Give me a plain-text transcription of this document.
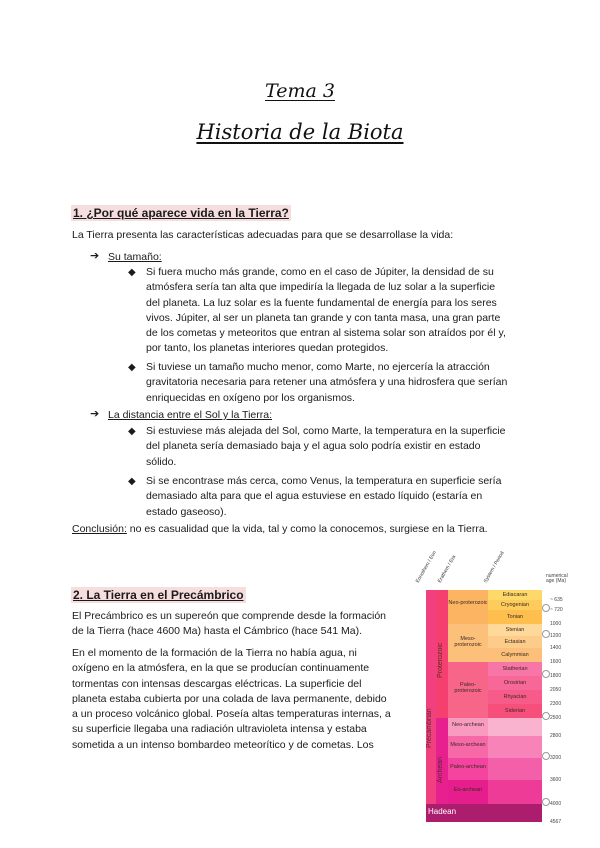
Tema 3
Historia de la Biota
1. ¿Por qué aparece vida en la Tierra?
La Tierra presenta las características adecuadas para que se desarrollase la vida:
➔ Su tamaño:
◆ Si fuera mucho más grande, como en el caso de Júpiter, la densidad de su
atmósfera sería tan alta que impediría la llegada de luz solar a la superficie
del planeta. La luz solar es la fuente fundamental de energía para los seres
vivos. Júpiter, al ser un planeta tan grande y con tanta masa, una gran parte
de los cometas y meteoritos que entran al sistema solar son atraídos por él y,
por tanto, los planetas interiores quedan protegidos.
◆ Si tuviese un tamaño mucho menor, como Marte, no ejercería la atracción
gravitatoria necesaria para retener una atmósfera y una hidrosfera que serían
enriquecidas en oxígeno por los organismos.
➔ La distancia entre el Sol y la Tierra:
◆ Si estuviese más alejada del Sol, como Marte, la temperatura en la superficie
del planeta sería demasiado baja y el agua solo podría existir en estado
sólido.
◆ Si se encontrase más cerca, como Venus, la temperatura en superficie sería
demasiado alta para que el agua estuviese en estado líquido (estaría en
estado gaseoso).
Conclusión: no es casualidad que la vida, tal y como la conocemos, surgiese en la Tierra.
2. La Tierra en el Precámbrico
El Precámbrico es un supereón que comprende desde la formación
de la Tierra (hace 4600 Ma) hasta el Cámbrico (hace 541 Ma).
En el momento de la formación de la Tierra no había agua, ni
oxígeno en la atmósfera, en la que se producían continuamente
tormentas con intensas descargas eléctricas. La superficie del
planeta estaba cubierta por una colada de lava permanente, debido
a un proceso volcánico global. Poseía altas temperaturas internas, a
su superficie llegaba una radiación ultravioleta intensa y estaba
sometida a un intenso bombardeo meteorítico y de cometas. Los
Eonothem / Eon
Erathem / Era	System / Period	numerical age (Ma)
Precambrian
Proterozoic
Archean
Neo-proterozoic
Meso-proterozoic
Paleo-proterozoic
Neo-archean
Meso-archean
Paleo-archean
Eo-archean
Ediacaran
Cryogenian
Tonian
Stenian
Ectasian
Calymmian
Statherian
Orosirian
Rhyacian
Siderian
Hadean
~ 635
~ 720
1000
1200
1400
1600
1800
2050
2300
2500
2800
3200
3600
4000
4567
